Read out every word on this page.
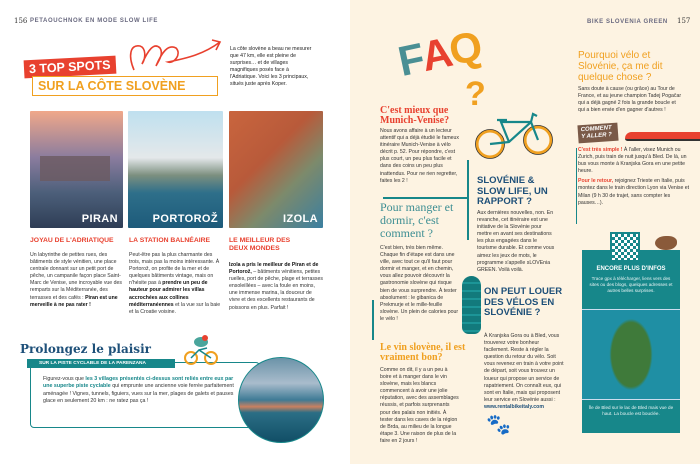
156 PETAOUCHNOK EN MODE SLOW LIFE
3 TOP SPOTS
SUR LA CÔTE SLOVÈNE
La côte slovène a beau ne mesurer que 47 km, elle est pleine de surprises… et de villages magnifiques posés face à l'Adriatique. Voici les 3 principaux, situés juste après Koper.
PIRAN	PORTOROŽ	IZOLA
JOYAU DE L'ADRIATIQUE
Un labyrinthe de petites rues, des bâtiments de style vénitien, une place centrale donnant sur un petit port de pêche, un campanile façon place Saint-Marc de Venise, une incroyable vue des remparts sur la Méditerranée, des terrasses et des cafés : Piran est une merveille à ne pas rater !
LA STATION BALNÉAIRE
Peut-être pas la plus charmante des trois, mais pas la moins intéressante. À Portorož, on profite de la mer et de quelques bâtiments vintage, mais on n'hésite pas à prendre un peu de hauteur pour admirer les villas accrochées aux collines méditerranéennes et la vue sur la baie et la Croatie voisine.
LE MEILLEUR DES DEUX MONDES
Izola a pris le meilleur de Piran et de Portorož, – bâtiments vénitiens, petites ruelles, port de pêche, plage et terrasses ensoleillées – avec la foule en moins, une immense marina, la douceur de vivre et des excellents restaurants de poissons en plus. Parfait !
Prolongez le plaisir
SUR LA PISTE CYCLABLE DE LA PARENZANA
Figurez-vous que les 3 villages présentés ci-dessus sont reliés entre eux par une superbe piste cyclable qui emprunte une ancienne voie ferrée parfaitement aménagée ! Vignes, tunnels, figuiers, vues sur la mer, plages de galets et pauses glace en seulement 20 km : ne ratez pas ça !
BIKE SLOVENIA GREEN 157
FAQ
?
C'est mieux que Munich-Venise?
Nous avons affaire à un lecteur attentif qui a déjà étudié le fameux itinéraire Munich-Venise à vélo décrit p. 52. Pour répondre, c'est plus court, un peu plus facile et dans des coins un peu plus inattendus. Pour ne rien regretter, faites les 2 !
Pour manger et dormir, c'est comment ?
C'est bien, très bien même. Chaque fin d'étape est dans une ville, avec tout ce qu'il faut pour dormir et manger, et en chemin, vous allez pouvoir découvrir la gastronomie slovène qui risque bien de vous surprendre. À tester absolument : le gibanica de Prekmurje et le mille-feuille slovène. Un plein de calories pour le vélo !
Le vin slovène, il est vraiment bon?
Comme on dit, il y a un peu à boire et à manger dans le vin slovène, mais les blancs commencent à avoir une jolie réputation, avec des assemblages réussis, et parfois surprenants pour des palais non initiés. À tester dans les caves de la région de Brda, au milieu de la longue étape 3. Une raison de plus de la faire en 2 jours !
SLOVÉNIE & SLOW LIFE, UN RAPPORT ?
Aux dernières nouvelles, non. En revanche, cet itinéraire est une initiative de la Slovénie pour mettre en avant ses destinations les plus engagées dans le tourisme durable. Et comme vous aimez les jeux de mots, le programme s'appelle sLOVEnia GREEN. Voilà voilà.
ON PEUT LOUER DES VÉLOS EN SLOVÉNIE ?
À Kranjska Gora ou à Bled, vous trouverez votre bonheur facilement. Reste à régler la question du retour du vélo. Soit vous revenez en train à votre point de départ, soit vous trouvez un loueur qui propose un service de rapatriement. On connaît eux, qui sont en Italie, mais qui proposent leur service en Slovénie aussi :
www.rentalbikeitaly.com
🐾
Pourquoi vélo et Slovénie, ça me dit quelque chose ?
Sans doute à cause (ou grâce) au Tour de France, et au jeune champion Tadej Pogačar qui a déjà gagné 2 fois la grande boucle et qui a bien envie d'en gagner d'autres !
COMMENT Y ALLER ?
C'est très simple ! À l'aller, visez Munich ou Zurich, puis train de nuit jusqu'à Bled. De là, un bus vous monte à Kranjska Gora en une petite heure.
Pour le retour, rejoignez Trieste en Italie, puis montez dans le train direction Lyon via Venise et Milan (9 h 30 de trajet, sans compter les pauses…).
ENCORE PLUS D'INFOS
Trace gpx à télécharger, liens vers des sites ou des blogs, quelques adresses et autres belles surprises.
Île de Bled sur le lac de Bled mais vue de haut. La boucle est bouclée.
